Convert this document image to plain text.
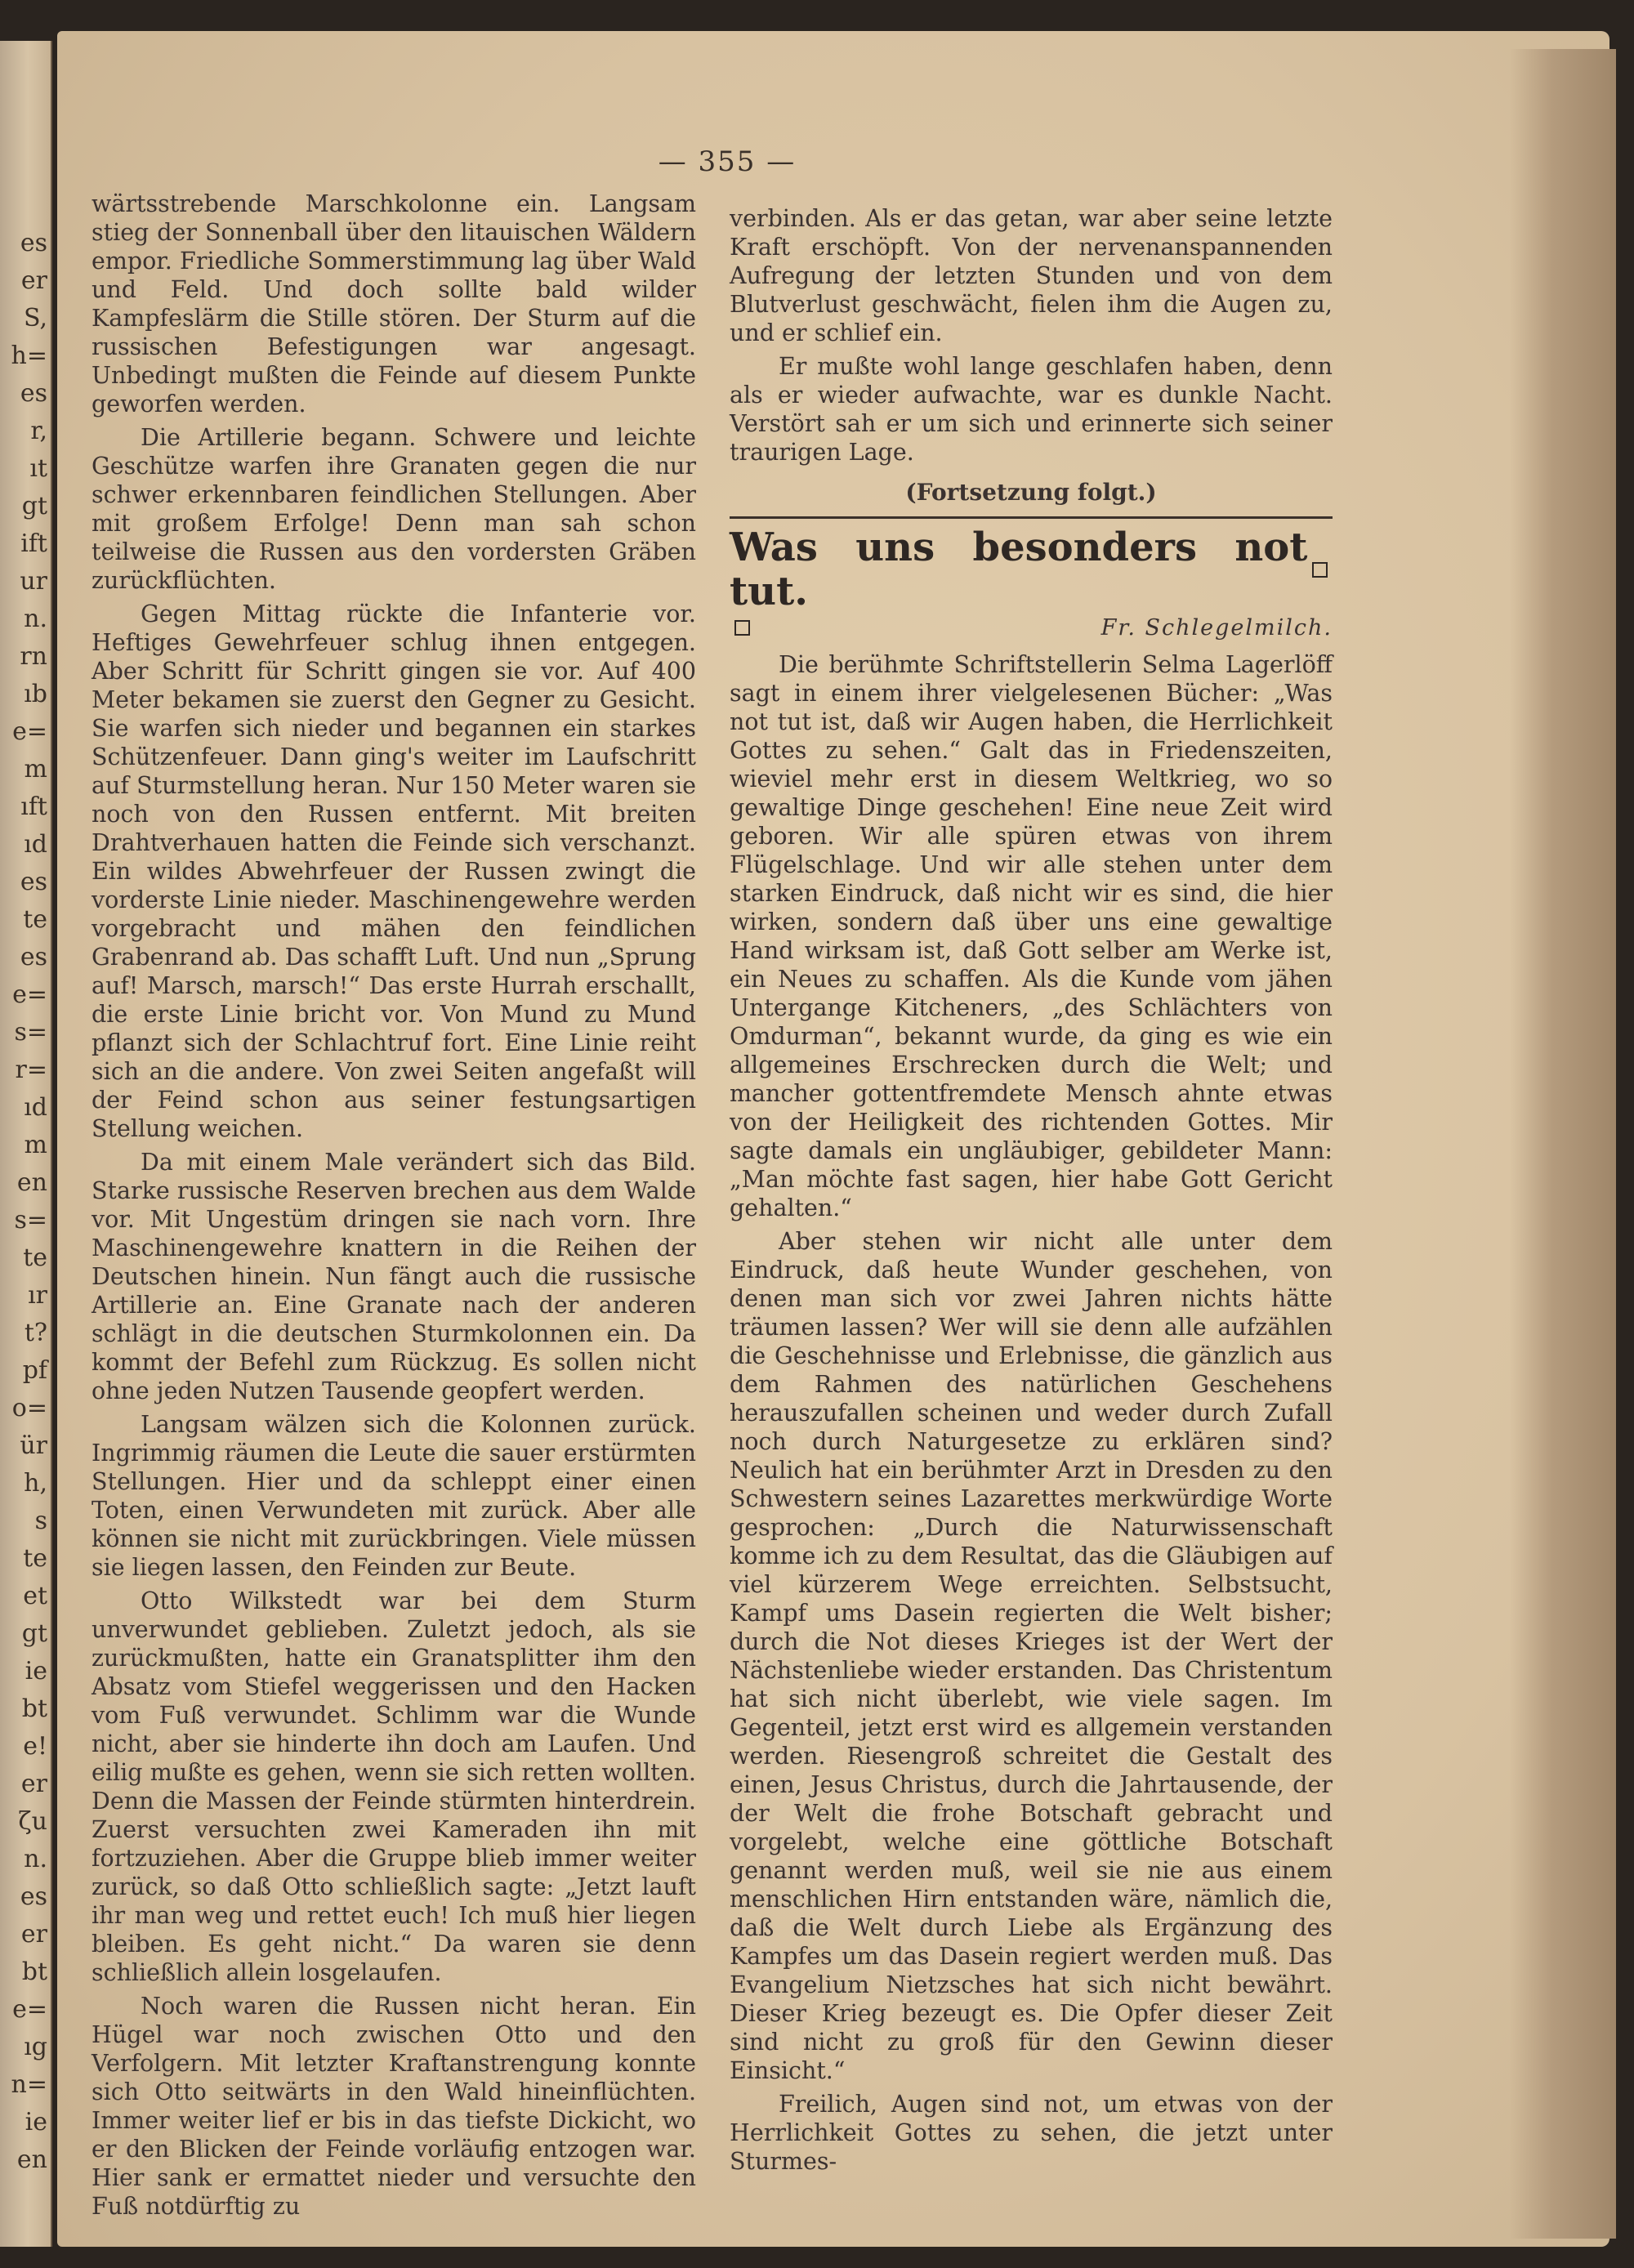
es
er
S,
h=
es
r,
ıt
gt
ift
ur
n.
rn
ıb
e=
m
ıft
ıd
es
te
es
e=
s=
r=
ıd
m
en
s=
te
ır
t?
pf
o=
ür
h,
s
te
et
gt
ie
bt
e!
er
ζu
n.
es
er
bt
e=
ıg
n=
ie
en
— 355 —

wärtsstrebende Marschkolonne ein. Langsam stieg der Sonnenball über den litauischen Wäldern empor. Friedliche Sommerstimmung lag über Wald und Feld. Und doch sollte bald wilder Kampfeslärm die Stille stören. Der Sturm auf die russischen Befestigungen war angesagt. Unbedingt mußten die Feinde auf diesem Punkte geworfen werden.

Die Artillerie begann. Schwere und leichte Geschütze warfen ihre Granaten gegen die nur schwer erkennbaren feindlichen Stellungen. Aber mit großem Erfolge! Denn man sah schon teilweise die Russen aus den vordersten Gräben zurückflüchten.

Gegen Mittag rückte die Infanterie vor. Heftiges Gewehrfeuer schlug ihnen entgegen. Aber Schritt für Schritt gingen sie vor. Auf 400 Meter bekamen sie zuerst den Gegner zu Gesicht. Sie warfen sich nieder und begannen ein starkes Schützenfeuer. Dann ging's weiter im Laufschritt auf Sturmstellung heran. Nur 150 Meter waren sie noch von den Russen entfernt. Mit breiten Drahtverhauen hatten die Feinde sich verschanzt. Ein wildes Abwehrfeuer der Russen zwingt die vorderste Linie nieder. Maschinengewehre werden vorgebracht und mähen den feindlichen Grabenrand ab. Das schafft Luft. Und nun „Sprung auf! Marsch, marsch!“ Das erste Hurrah erschallt, die erste Linie bricht vor. Von Mund zu Mund pflanzt sich der Schlachtruf fort. Eine Linie reiht sich an die andere. Von zwei Seiten angefaßt will der Feind schon aus seiner festungsartigen Stellung weichen.

Da mit einem Male verändert sich das Bild. Starke russische Reserven brechen aus dem Walde vor. Mit Ungestüm dringen sie nach vorn. Ihre Maschinengewehre knattern in die Reihen der Deutschen hinein. Nun fängt auch die russische Artillerie an. Eine Granate nach der anderen schlägt in die deutschen Sturmkolonnen ein. Da kommt der Befehl zum Rückzug. Es sollen nicht ohne jeden Nutzen Tausende geopfert werden.

Langsam wälzen sich die Kolonnen zurück. Ingrimmig räumen die Leute die sauer erstürmten Stellungen. Hier und da schleppt einer einen Toten, einen Verwundeten mit zurück. Aber alle können sie nicht mit zurückbringen. Viele müssen sie liegen lassen, den Feinden zur Beute.

Otto Wilkstedt war bei dem Sturm unverwundet geblieben. Zuletzt jedoch, als sie zurückmußten, hatte ein Granatsplitter ihm den Absatz vom Stiefel weggerissen und den Hacken vom Fuß verwundet. Schlimm war die Wunde nicht, aber sie hinderte ihn doch am Laufen. Und eilig mußte es gehen, wenn sie sich retten wollten. Denn die Massen der Feinde stürmten hinterdrein. Zuerst versuchten zwei Kameraden ihn mit fortzuziehen. Aber die Gruppe blieb immer weiter zurück, so daß Otto schließlich sagte: „Jetzt lauft ihr man weg und rettet euch! Ich muß hier liegen bleiben. Es geht nicht.“ Da waren sie denn schließlich allein losgelaufen.

Noch waren die Russen nicht heran. Ein Hügel war noch zwischen Otto und den Verfolgern. Mit letzter Kraftanstrengung konnte sich Otto seitwärts in den Wald hineinflüchten. Immer weiter lief er bis in das tiefste Dickicht, wo er den Blicken der Feinde vorläufig entzogen war. Hier sank er ermattet nieder und versuchte den Fuß notdürftig zu

verbinden. Als er das getan, war aber seine letzte Kraft erschöpft. Von der nervenanspannenden Aufregung der letzten Stunden und von dem Blutverlust geschwächt, fielen ihm die Augen zu, und er schlief ein.

Er mußte wohl lange geschlafen haben, denn als er wieder aufwachte, war es dunkle Nacht. Verstört sah er um sich und erinnerte sich seiner traurigen Lage.

(Fortsetzung folgt.)
Was uns besonders not tut.
Fr. Schlegelmilch.

Die berühmte Schriftstellerin Selma Lagerlöff sagt in einem ihrer vielgelesenen Bücher: „Was not tut ist, daß wir Augen haben, die Herrlichkeit Gottes zu sehen.“ Galt das in Friedenszeiten, wieviel mehr erst in diesem Weltkrieg, wo so gewaltige Dinge geschehen! Eine neue Zeit wird geboren. Wir alle spüren etwas von ihrem Flügelschlage. Und wir alle stehen unter dem starken Eindruck, daß nicht wir es sind, die hier wirken, sondern daß über uns eine gewaltige Hand wirksam ist, daß Gott selber am Werke ist, ein Neues zu schaffen. Als die Kunde vom jähen Untergange Kitcheners, „des Schlächters von Omdurman“, bekannt wurde, da ging es wie ein allgemeines Erschrecken durch die Welt; und mancher gottentfremdete Mensch ahnte etwas von der Heiligkeit des richtenden Gottes. Mir sagte damals ein ungläubiger, gebildeter Mann: „Man möchte fast sagen, hier habe Gott Gericht gehalten.“

Aber stehen wir nicht alle unter dem Eindruck, daß heute Wunder geschehen, von denen man sich vor zwei Jahren nichts hätte träumen lassen? Wer will sie denn alle aufzählen die Geschehnisse und Erlebnisse, die gänzlich aus dem Rahmen des natürlichen Geschehens herauszufallen scheinen und weder durch Zufall noch durch Naturgesetze zu erklären sind? Neulich hat ein berühmter Arzt in Dresden zu den Schwestern seines Lazarettes merkwürdige Worte gesprochen: „Durch die Naturwissenschaft komme ich zu dem Resultat, das die Gläubigen auf viel kürzerem Wege erreichten. Selbstsucht, Kampf ums Dasein regierten die Welt bisher; durch die Not dieses Krieges ist der Wert der Nächstenliebe wieder erstanden. Das Christentum hat sich nicht überlebt, wie viele sagen. Im Gegenteil, jetzt erst wird es allgemein verstanden werden. Riesengroß schreitet die Gestalt des einen, Jesus Christus, durch die Jahrtausende, der der Welt die frohe Botschaft gebracht und vorgelebt, welche eine göttliche Botschaft genannt werden muß, weil sie nie aus einem menschlichen Hirn entstanden wäre, nämlich die, daß die Welt durch Liebe als Ergänzung des Kampfes um das Dasein regiert werden muß. Das Evangelium Nietzsches hat sich nicht bewährt. Dieser Krieg bezeugt es. Die Opfer dieser Zeit sind nicht zu groß für den Gewinn dieser Einsicht.“

Freilich, Augen sind not, um etwas von der Herrlichkeit Gottes zu sehen, die jetzt unter Sturmes-
